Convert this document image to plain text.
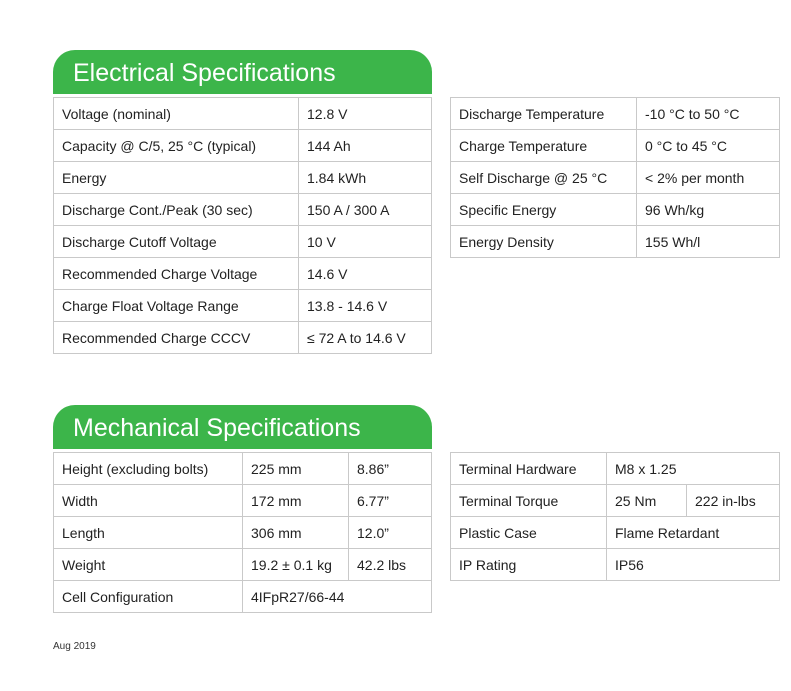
Electrical Specifications
Voltage (nominal)	12.8 V
Capacity @ C/5, 25 °C (typical)	144 Ah
Energy	1.84 kWh
Discharge Cont./Peak (30 sec)	150 A / 300 A
Discharge Cutoff Voltage	10 V
Recommended Charge Voltage	14.6 V
Charge Float Voltage Range	13.8 - 14.6 V
Recommended Charge CCCV	≤ 72 A to 14.6 V
Discharge Temperature	-10 °C to 50 °C
Charge Temperature	0 °C to 45 °C
Self Discharge @ 25 °C	< 2% per month
Specific Energy	96 Wh/kg
Energy Density	155 Wh/l
Mechanical Specifications
Height (excluding bolts)	225 mm	8.86”
Width	172 mm	6.77”
Length	306 mm	12.0”
Weight	19.2 ± 0.1 kg	42.2 lbs
Cell Configuration	4IFpR27/66-44	
Terminal Hardware	M8 x 1.25	
Terminal Torque	25 Nm	222 in-lbs
Plastic Case	Flame Retardant	
IP Rating	IP56	
Aug 2019
